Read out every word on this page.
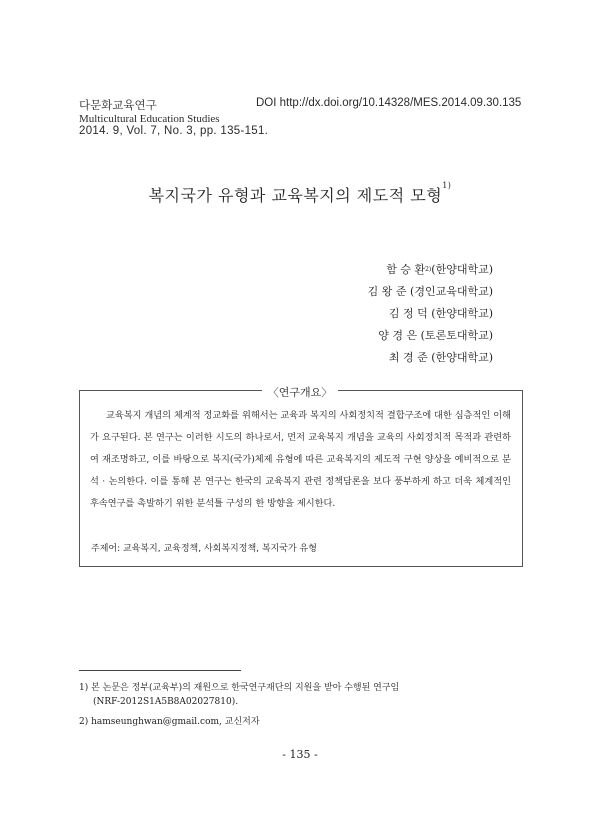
다문화교육연구	DOI http://dx.doi.org/10.14328/MES.2014.09.30.135
Multicultural Education Studies
2014. 9, Vol. 7, No. 3, pp. 135-151.
복지국가 유형과 교육복지의 제도적 모형$^{1)}$
함 승 환$^{2)}$(한양대학교)
김 왕 준 (경인교육대학교)
김 정 덕 (한양대학교)
양 경 은 (토론토대학교)
최 경 준 (한양대학교)
〈연구개요〉
교육복지 개념의 체계적 정교화를 위해서는 교육과 복지의 사회정치적 결합구조에 대한 심층적인 이해가 요구된다. 본 연구는 이러한 시도의 하나로서, 먼저 교육복지 개념을 교육의 사회정치적 목적과 관련하여 재조명하고, 이를 바탕으로 복지(국가)체제 유형에 따른 교육복지의 제도적 구현 양상을 예비적으로 분석 · 논의한다. 이를 통해 본 연구는 한국의 교육복지 관련 정책담론을 보다 풍부하게 하고 더욱 체계적인 후속연구를 촉발하기 위한 분석틀 구성의 한 방향을 제시한다.
주제어: 교육복지, 교육정책, 사회복지정책, 복지국가 유형
1) 본 논문은 정부(교육부)의 재원으로 한국연구재단의 지원을 받아 수행된 연구임
(NRF-2012S1A5B8A02027810).
2) hamseunghwan@gmail.com, 교신저자
- 135 -
